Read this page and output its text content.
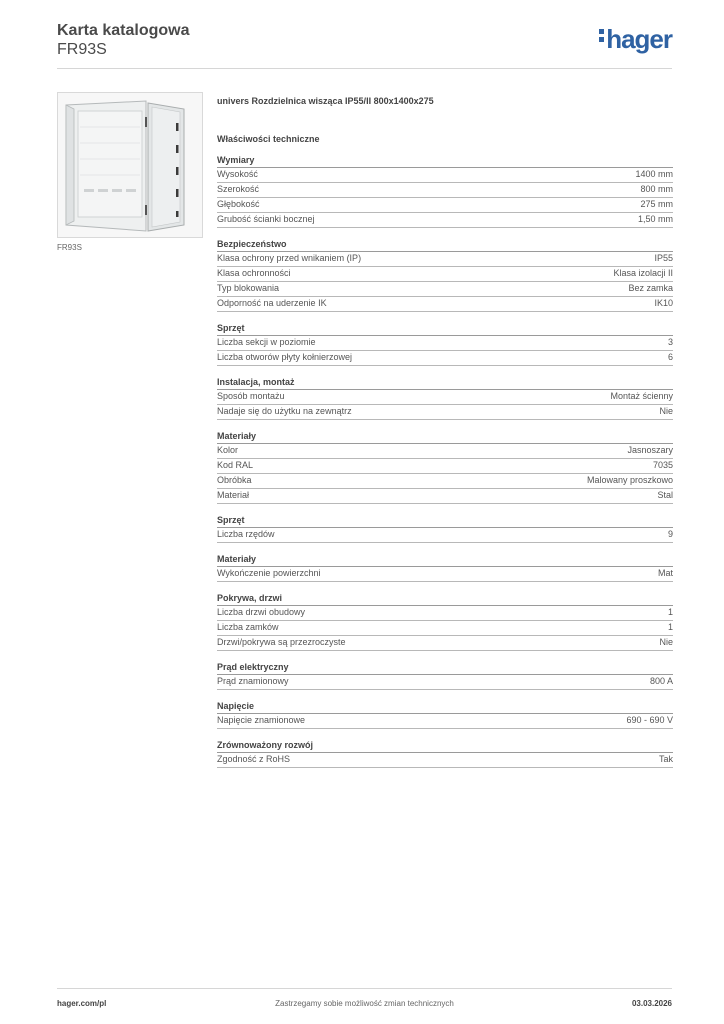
Karta katalogowa
FR93S	hager
FR93S
univers Rozdzielnica wisząca IP55/II 800x1400x275
Właściwości techniczne
Wymiary
Wysokość	1400 mm
Szerokość	800 mm
Głębokość	275 mm
Grubość ścianki bocznej	1,50 mm
Bezpieczeństwo
Klasa ochrony przed wnikaniem (IP)	IP55
Klasa ochronności	Klasa izolacji II
Typ blokowania	Bez zamka
Odporność na uderzenie IK	IK10
Sprzęt
Liczba sekcji w poziomie	3
Liczba otworów płyty kołnierzowej	6
Instalacja, montaż
Sposób montażu	Montaż ścienny
Nadaje się do użytku na zewnątrz	Nie
Materiały
Kolor	Jasnoszary
Kod RAL	7035
Obróbka	Malowany proszkowo
Materiał	Stal
Sprzęt
Liczba rzędów	9
Materiały
Wykończenie powierzchni	Mat
Pokrywa, drzwi
Liczba drzwi obudowy	1
Liczba zamków	1
Drzwi/pokrywa są przezroczyste	Nie
Prąd elektryczny
Prąd znamionowy	800 A
Napięcie
Napięcie znamionowe	690 - 690 V
Zrównoważony rozwój
Zgodność z RoHS	Tak
hager.com/pl	Zastrzegamy sobie możliwość zmian technicznych	03.03.2026
